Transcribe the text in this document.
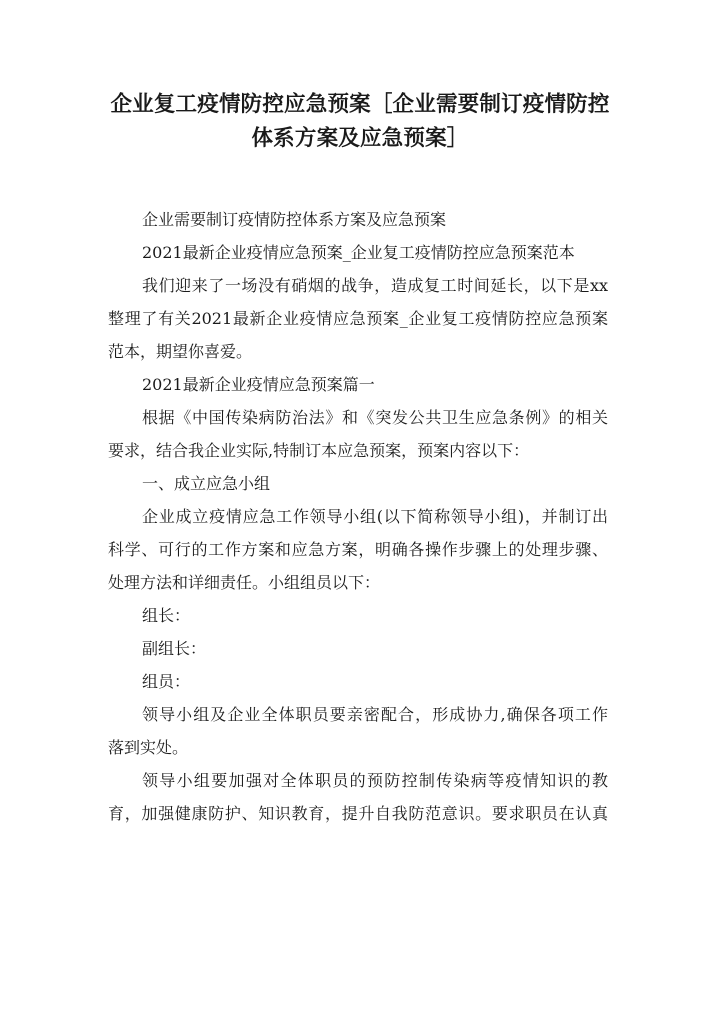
企业复工疫情防控应急预案［企业需要制订疫情防控
体系方案及应急预案］

企业需要制订疫情防控体系方案及应急预案

2021最新企业疫情应急预案_企业复工疫情防控应急预案范本

我们迎来了一场没有硝烟的战争，造成复工时间延长，以下是xx
整理了有关2021最新企业疫情应急预案_企业复工疫情防控应急预案
范本，期望你喜爱。

2021最新企业疫情应急预案篇一

根据《中国传染病防治法》和《突发公共卫生应急条例》的相关
要求，结合我企业实际,特制订本应急预案，预案内容以下：

一、成立应急小组

企业成立疫情应急工作领导小组(以下简称领导小组)，并制订出
科学、可行的工作方案和应急方案，明确各操作步骤上的处理步骤、
处理方法和详细责任。小组组员以下：

组长：

副组长：

组员：

领导小组及企业全体职员要亲密配合，形成协力,确保各项工作
落到实处。

领导小组要加强对全体职员的预防控制传染病等疫情知识的教
育，加强健康防护、知识教育，提升自我防范意识。要求职员在认真
